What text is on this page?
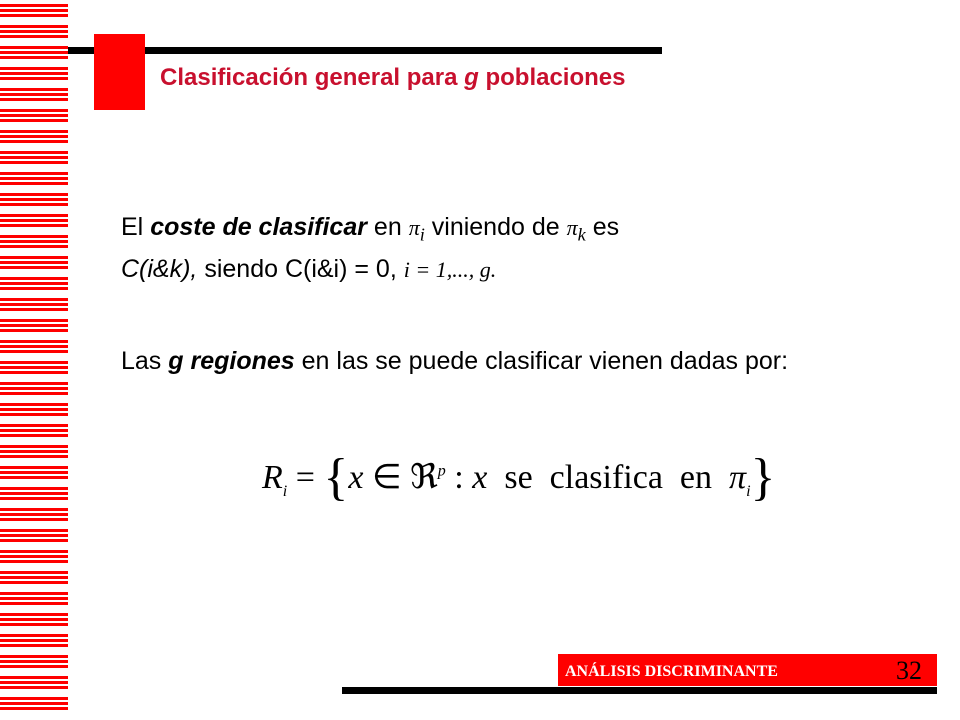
Clasificación general para g poblaciones
El coste de clasificar en $\pi_i$ viniendo de $\pi_k$ es
C(i&k), siendo C(i&i) = 0, i = 1,..., g.
Las g regiones en las se puede clasificar vienen dadas por:
$R_i = \{x$ ∈ ℜ$^p$ : x  se  clasifica  en  $\pi_i$}
ANÁLISIS DISCRIMINANTE	32
